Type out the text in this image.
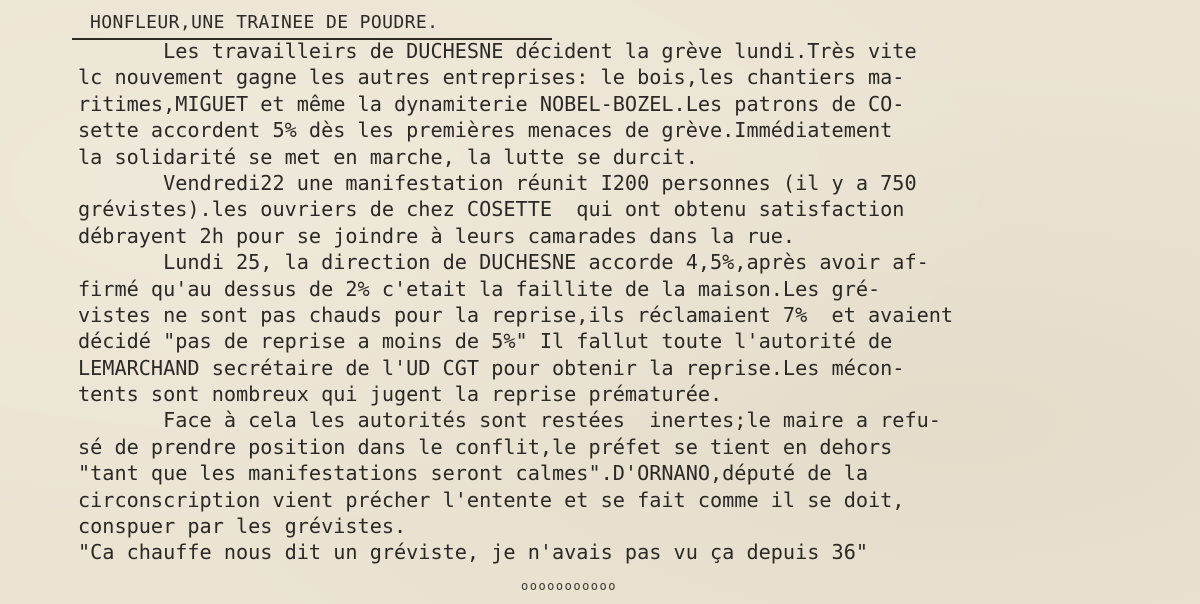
HONFLEUR,UNE TRAINEE DE POUDRE.
Les travailleirs de DUCHESNE décident la grève lundi.Très vite
lc nouvement gagne les autres entreprises: le bois,les chantiers ma-
ritimes,MIGUET et même la dynamiterie NOBEL-BOZEL.Les patrons de CO-
sette accordent 5% dès les premières menaces de grève.Immédiatement
la solidarité se met en marche, la lutte se durcit.
Vendredi22 une manifestation réunit I200 personnes (il y a 750
grévistes).les ouvriers de chez COSETTE  qui ont obtenu satisfaction
débrayent 2h pour se joindre à leurs camarades dans la rue.
Lundi 25, la direction de DUCHESNE accorde 4,5%,après avoir af-
firmé qu'au dessus de 2% c'etait la faillite de la maison.Les gré-
vistes ne sont pas chauds pour la reprise,ils réclamaient 7%  et avaient
décidé "pas de reprise a moins de 5%" Il fallut toute l'autorité de
LEMARCHAND secrétaire de l'UD CGT pour obtenir la reprise.Les mécon-
tents sont nombreux qui jugent la reprise prématurée.
Face à cela les autorités sont restées  inertes;le maire a refu-
sé de prendre position dans le conflit,le préfet se tient en dehors
"tant que les manifestations seront calmes".D'ORNANO,député de la
circonscription vient précher l'entente et se fait comme il se doit,
conspuer par les grévistes.
"Ca chauffe nous dit un gréviste, je n'avais pas vu ça depuis 36"
ooooooooooo
